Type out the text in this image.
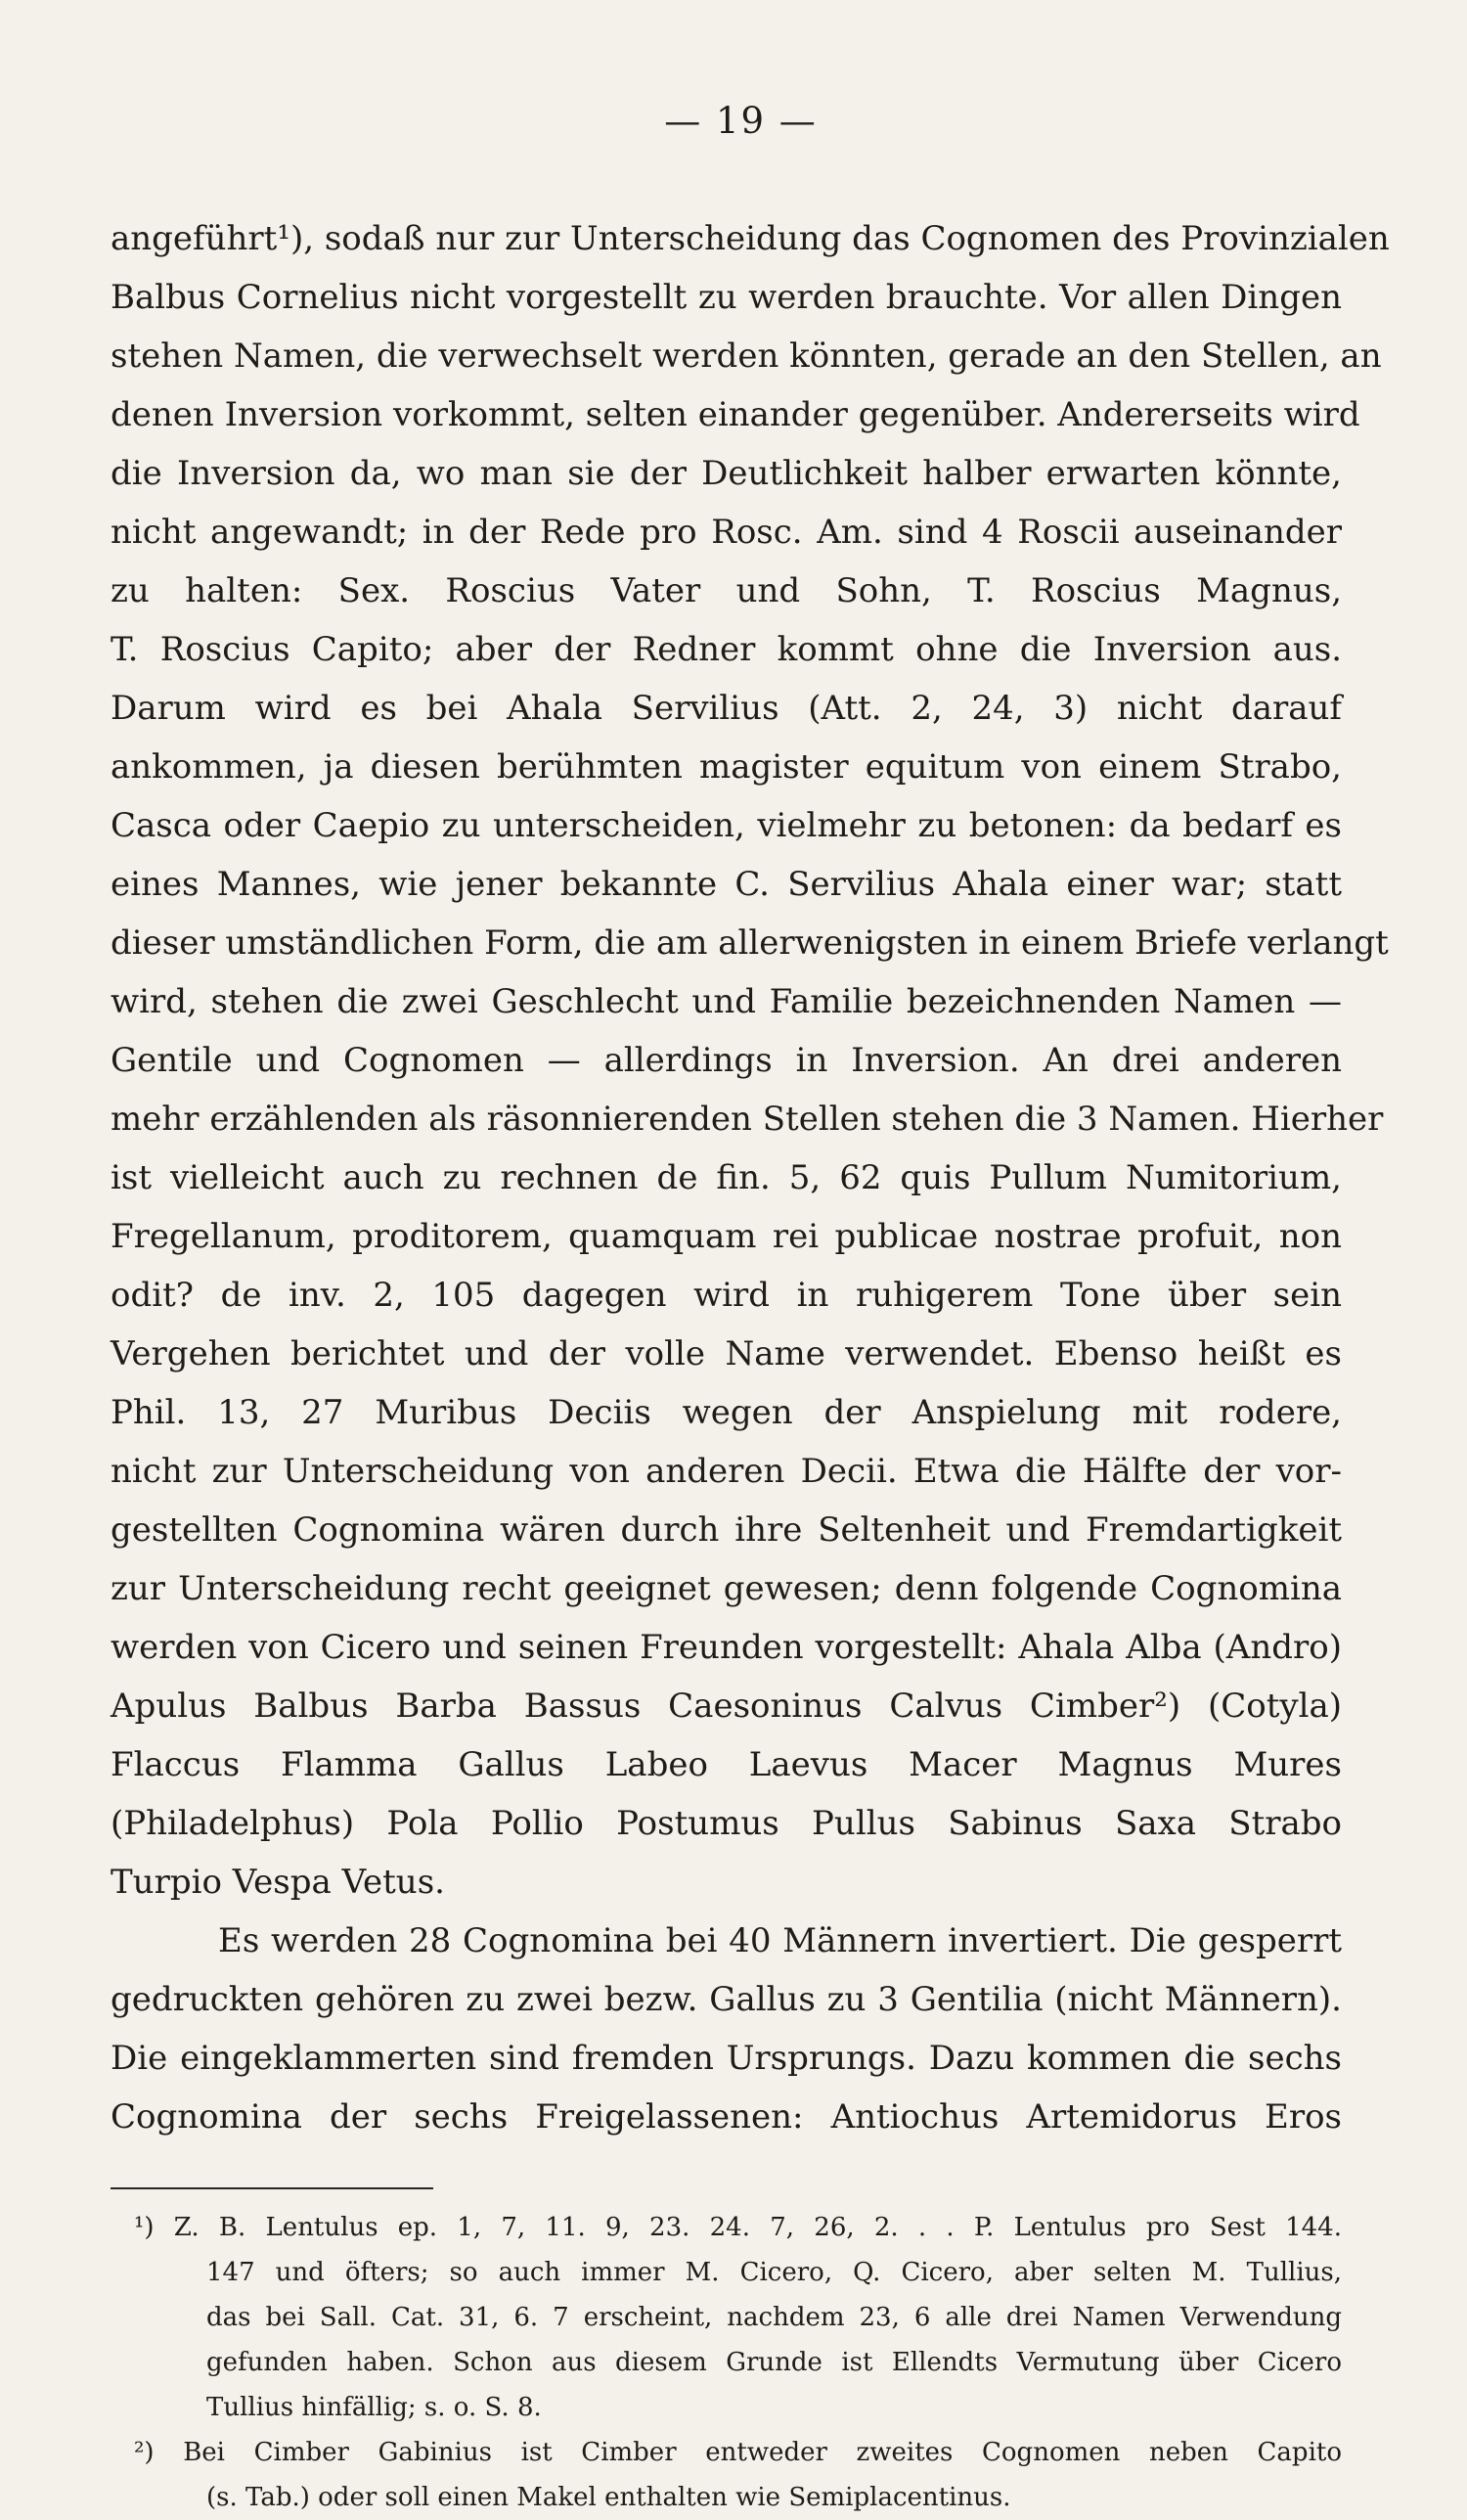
— 19 —
angeführt¹), sodaß nur zur Unterscheidung das Cognomen des Provinzialen
Balbus Cornelius nicht vorgestellt zu werden brauchte. Vor allen Dingen
stehen Namen, die verwechselt werden könnten, gerade an den Stellen, an
denen Inversion vorkommt, selten einander gegenüber. Andererseits wird
die Inversion da, wo man sie der Deutlichkeit halber erwarten könnte,
nicht angewandt; in der Rede pro Rosc. Am. sind 4 Roscii auseinander
zu halten: Sex. Roscius Vater und Sohn, T. Roscius Magnus,
T. Roscius Capito; aber der Redner kommt ohne die Inversion aus.
Darum wird es bei Ahala Servilius (Att. 2, 24, 3) nicht darauf
ankommen, ja diesen berühmten magister equitum von einem Strabo,
Casca oder Caepio zu unterscheiden, vielmehr zu betonen: da bedarf es
eines Mannes, wie jener bekannte C. Servilius Ahala einer war; statt
dieser umständlichen Form, die am allerwenigsten in einem Briefe verlangt
wird, stehen die zwei Geschlecht und Familie bezeichnenden Namen —
Gentile und Cognomen — allerdings in Inversion. An drei anderen
mehr erzählenden als räsonnierenden Stellen stehen die 3 Namen. Hierher
ist vielleicht auch zu rechnen de fin. 5, 62 quis Pullum Numitorium,
Fregellanum, proditorem, quamquam rei publicae nostrae profuit, non
odit? de inv. 2, 105 dagegen wird in ruhigerem Tone über sein
Vergehen berichtet und der volle Name verwendet. Ebenso heißt es
Phil. 13, 27 Muribus Deciis wegen der Anspielung mit rodere,
nicht zur Unterscheidung von anderen Decii. Etwa die Hälfte der vor-
gestellten Cognomina wären durch ihre Seltenheit und Fremdartigkeit
zur Unterscheidung recht geeignet gewesen; denn folgende Cognomina
werden von Cicero und seinen Freunden vorgestellt: Ahala Alba (Andro)
Apulus Balbus Barba Bassus Caesoninus Calvus Cimber²) (Cotyla)
Flaccus Flamma Gallus Labeo Laevus Macer Magnus Mures
(Philadelphus) Pola Pollio Postumus Pullus Sabinus Saxa Strabo
Turpio Vespa Vetus.
Es werden 28 Cognomina bei 40 Männern invertiert. Die gesperrt
gedruckten gehören zu zwei bezw. Gallus zu 3 Gentilia (nicht Männern).
Die eingeklammerten sind fremden Ursprungs. Dazu kommen die sechs
Cognomina der sechs Freigelassenen: Antiochus Artemidorus Eros
¹) Z. B. Lentulus ep. 1, 7, 11. 9, 23. 24. 7, 26, 2. . . P. Lentulus pro Sest 144.
147 und öfters; so auch immer M. Cicero, Q. Cicero, aber selten M. Tullius,
das bei Sall. Cat. 31, 6. 7 erscheint, nachdem 23, 6 alle drei Namen Verwendung
gefunden haben. Schon aus diesem Grunde ist Ellendts Vermutung über Cicero
Tullius hinfällig; s. o. S. 8.
²) Bei Cimber Gabinius ist Cimber entweder zweites Cognomen neben Capito
(s. Tab.) oder soll einen Makel enthalten wie Semiplacentinus.
